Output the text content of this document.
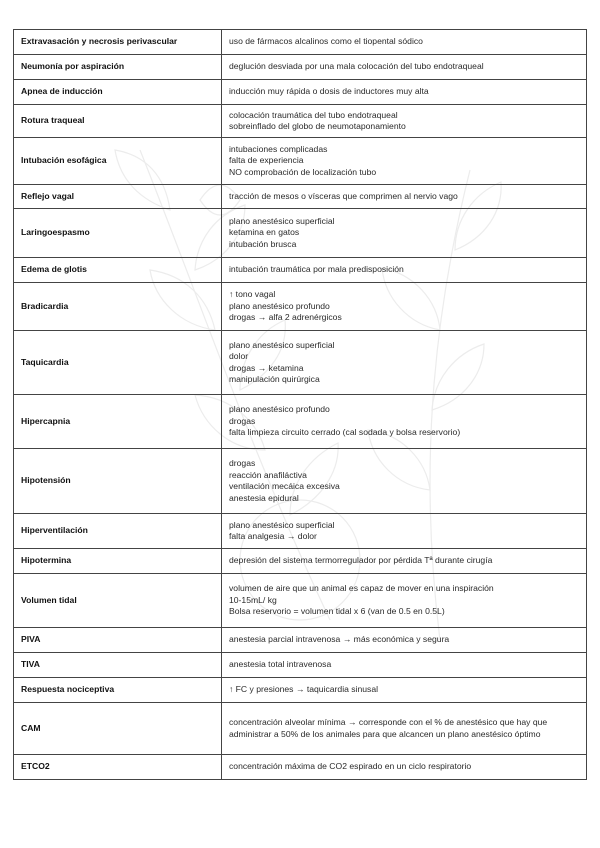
Extravasación y necrosis perivascular	uso de fármacos alcalinos como el tiopental sódico

Neumonía por aspiración	deglución desviada por una mala colocación del tubo endotraqueal

Apnea de inducción	inducción muy rápida o dosis de inductores muy alta

Rotura traqueal	colocación traumática del tubo endotraqueal
sobreinflado del globo de neumotaponamiento

Intubación esofágica	intubaciones complicadas
falta de experiencia
NO comprobación de localización tubo

Reflejo vagal	tracción de mesos o vísceras que comprimen al nervio vago

Laringoespasmo	plano anestésico superficial
ketamina en gatos
intubación brusca

Edema de glotis	intubación traumática por mala predisposición

Bradicardia	↑ tono vagal
plano anestésico profundo
drogas → alfa 2 adrenérgicos

Taquicardia	plano anestésico superficial
dolor
drogas → ketamina
manipulación quirúrgica

Hipercapnia	plano anestésico profundo
drogas
falta limpieza circuito cerrado (cal sodada y bolsa reservorio)

Hipotensión	drogas
reacción anafiláctiva
ventilación mecáica excesiva
anestesia epidural

Hiperventilación	plano anestésico superficial
falta analgesia → dolor

Hipotermina	depresión del sistema termorregulador por pérdida Tª durante cirugía

Volumen tidal	volumen de aire que un animal es capaz de mover en una inspiración
10-15mL/ kg
Bolsa reservorio = volumen tidal x 6 (van de 0.5 en 0.5L)

PIVA	anestesia parcial intravenosa → más económica y segura

TIVA	anestesia total intravenosa

Respuesta nociceptiva	↑ FC y presiones → taquicardia sinusal

CAM	concentración alveolar mínima → corresponde con el % de anestésico que hay que administrar a 50% de los animales para que alcancen un plano anestésico óptimo

ETCO2	concentración máxima de CO2 espirado en un ciclo respiratorio
